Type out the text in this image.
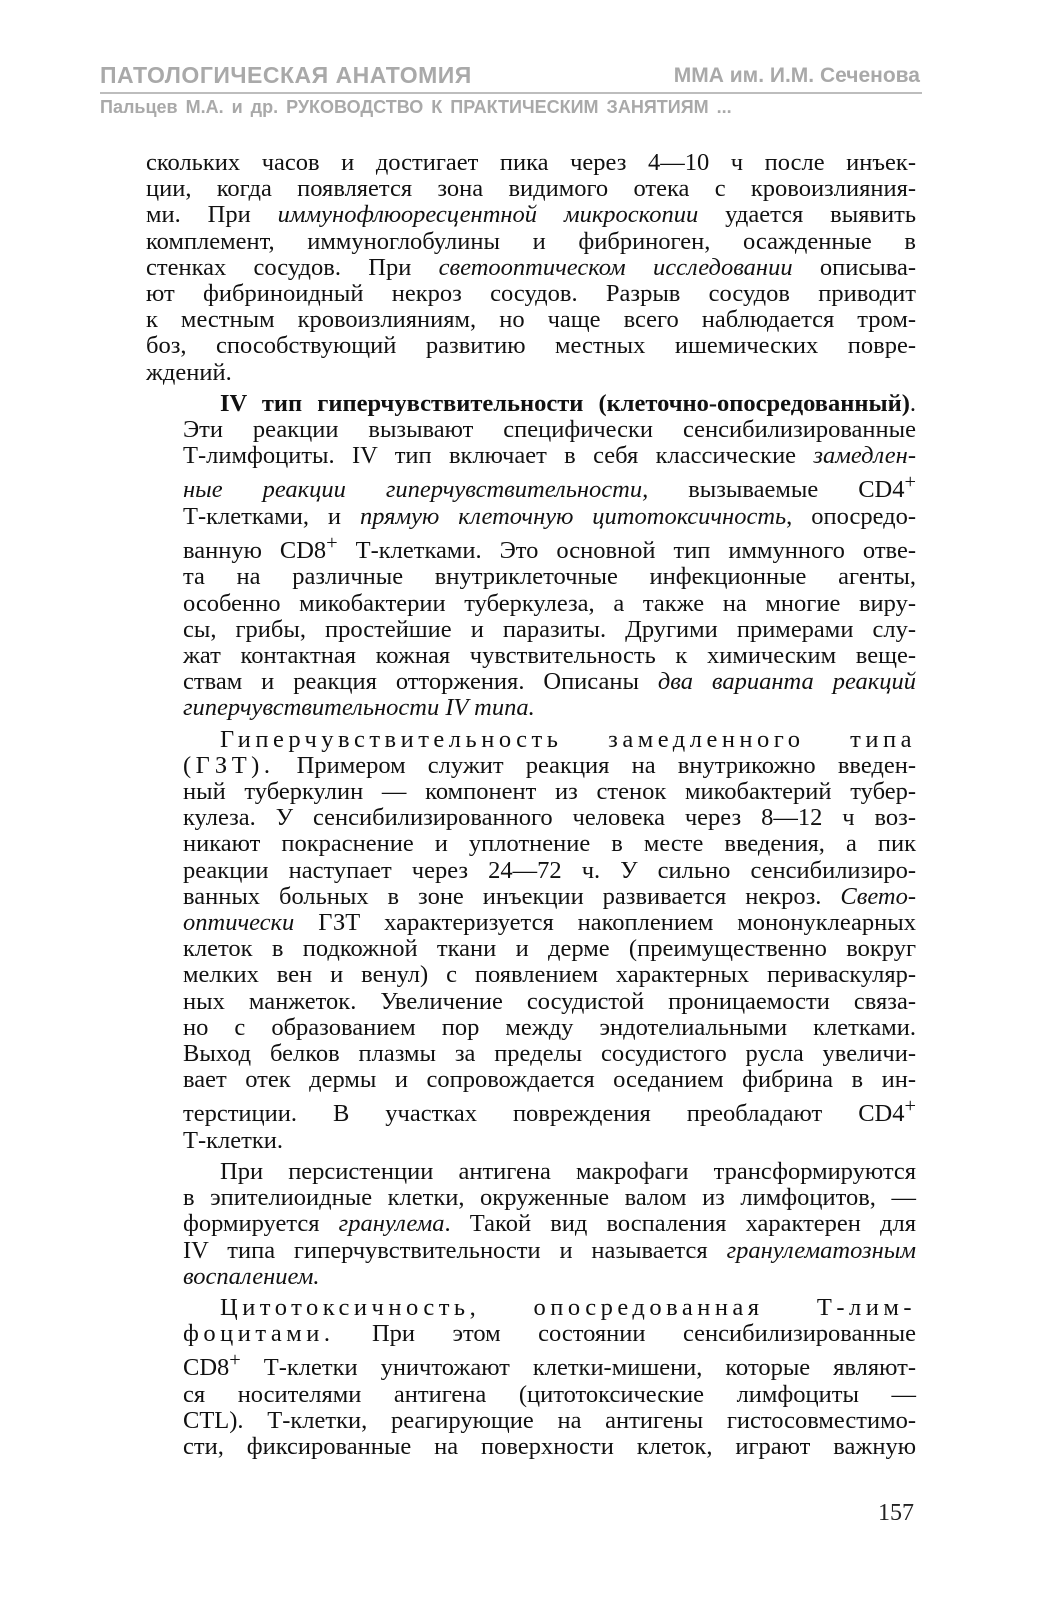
ПАТОЛОГИЧЕСКАЯ АНАТОМИЯ	ММА им. И.М. Сеченова
Пальцев М.А. и др. РУКОВОДСТВО К ПРАКТИЧЕСКИМ ЗАНЯТИЯМ ...

скольких часов и достигает пика через 4—10 ч после инъек-
ции, когда появляется зона видимого отека с кровоизлияния-
ми. При иммунофлюоресцентной микроскопии удается выявить
комплемент, иммуноглобулины и фибриноген, осажденные в
стенках сосудов. При светооптическом исследовании описыва-
ют фибриноидный некроз сосудов. Разрыв сосудов приводит
к местным кровоизлияниям, но чаще всего наблюдается тром-
боз, способствующий развитию местных ишемических повре-
ждений.

IV тип гиперчувствительности (клеточно-опосредованный).
Эти реакции вызывают специфически сенсибилизированные
Т-лимфоциты. IV тип включает в себя классические замедлен-
ные реакции гиперчувствительности, вызываемые CD4+
Т-клетками, и прямую клеточную цитотоксичность, опосредо-
ванную CD8+ Т-клетками. Это основной тип иммунного отве-
та на различные внутриклеточные инфекционные агенты,
особенно микобактерии туберкулеза, а также на многие виру-
сы, грибы, простейшие и паразиты. Другими примерами слу-
жат контактная кожная чувствительность к химическим веще-
ствам и реакция отторжения. Описаны два варианта реакций
гиперчувствительности IV типа.

Гиперчувствительность замедленного типа
(ГЗТ). Примером служит реакция на внутрикожно введен-
ный туберкулин — компонент из стенок микобактерий тубер-
кулеза. У сенсибилизированного человека через 8—12 ч воз-
никают покраснение и уплотнение в месте введения, а пик
реакции наступает через 24—72 ч. У сильно сенсибилизиро-
ванных больных в зоне инъекции развивается некроз. Свето-
оптически ГЗТ характеризуется накоплением мононуклеарных
клеток в подкожной ткани и дерме (преимущественно вокруг
мелких вен и венул) с появлением характерных периваскуляр-
ных манжеток. Увеличение сосудистой проницаемости связа-
но с образованием пор между эндотелиальными клетками.
Выход белков плазмы за пределы сосудистого русла увеличи-
вает отек дермы и сопровождается оседанием фибрина в ин-
терстиции. В участках повреждения преобладают CD4+
Т-клетки.

При персистенции антигена макрофаги трансформируются
в эпителиоидные клетки, окруженные валом из лимфоцитов, —
формируется гранулема. Такой вид воспаления характерен для
IV типа гиперчувствительности и называется гранулематозным
воспалением.

Цитотоксичность, опосредованная Т-лим-
фоцитами. При этом состоянии сенсибилизированные
CD8+ Т-клетки уничтожают клетки-мишени, которые являют-
ся носителями антигена (цитотоксические лимфоциты —
CTL). Т-клетки, реагирующие на антигены гистосовместимо-
сти, фиксированные на поверхности клеток, играют важную

157
